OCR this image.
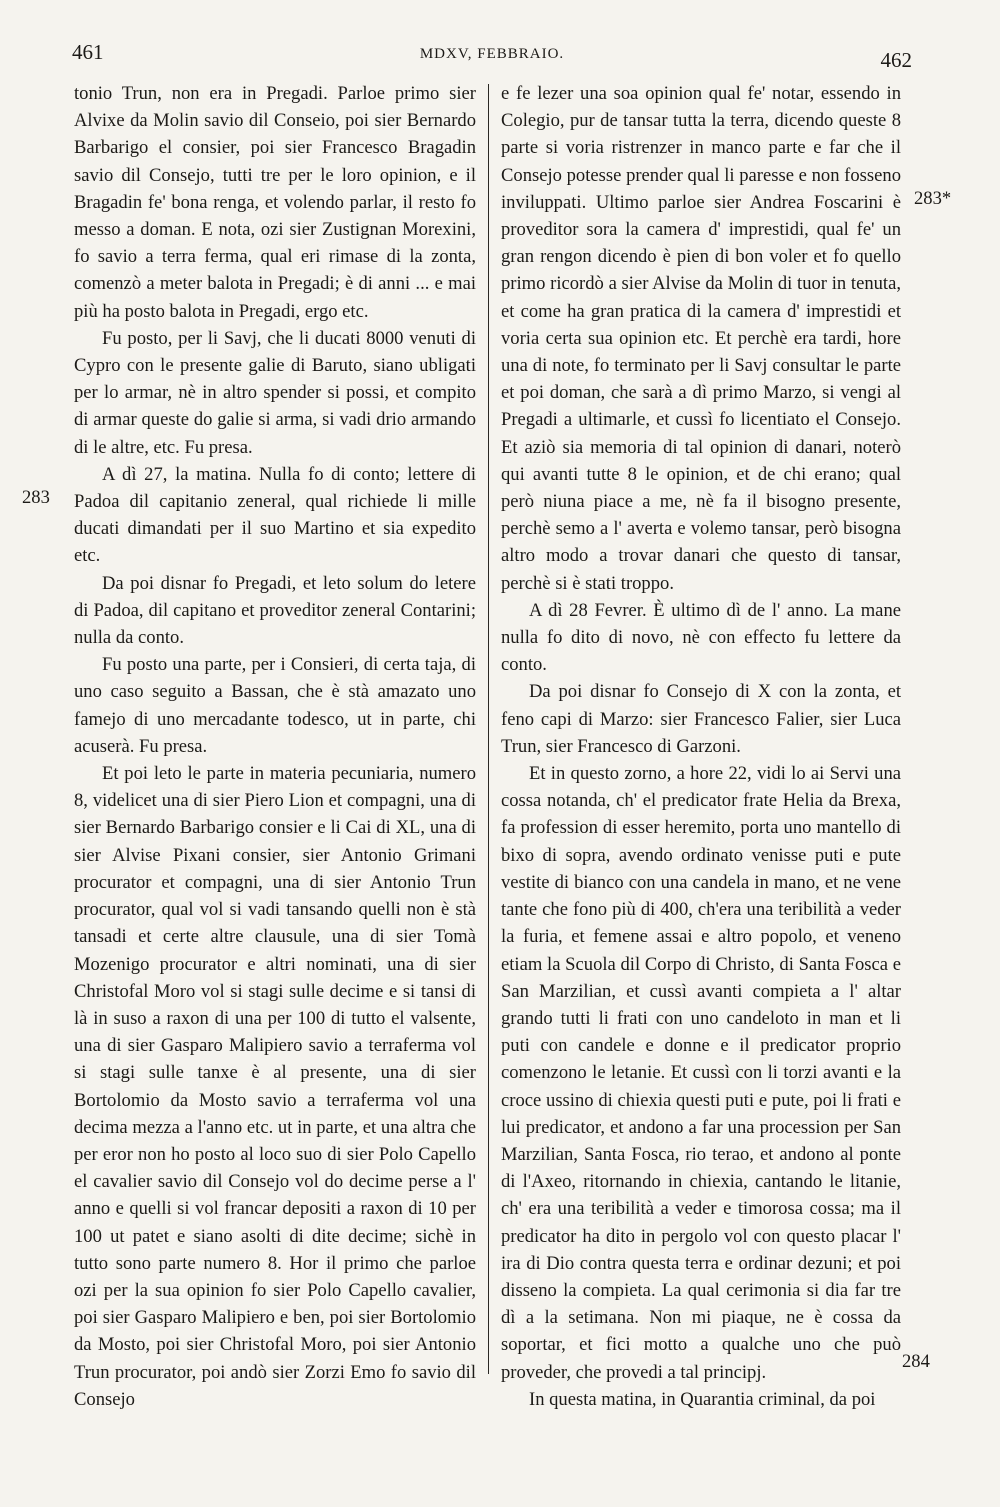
461	MDXV, FEBBRAIO.	462
283
283*
284

tonio Trun, non era in Pregadi. Parloe primo sier Alvixe da Molin savio dil Conseio, poi sier Bernardo Barbarigo el consier, poi sier Francesco Bragadin savio dil Consejo, tutti tre per le loro opinion, e il Bragadin fe' bona renga, et volendo parlar, il resto fo messo a doman. E nota, ozi sier Zustignan Morexini, fo savio a terra ferma, qual eri rimase di la zonta, comenzò a meter balota in Pregadi; è di anni ... e mai più ha posto balota in Pregadi, ergo etc.

Fu posto, per li Savj, che li ducati 8000 venuti di Cypro con le presente galie di Baruto, siano ubligati per lo armar, nè in altro spender si possi, et compito di armar queste do galie si arma, si vadi drio armando di le altre, etc. Fu presa.

A dì 27, la matina. Nulla fo di conto; lettere di Padoa dil capitanio zeneral, qual richiede li mille ducati dimandati per il suo Martino et sia expedito etc.

Da poi disnar fo Pregadi, et leto solum do letere di Padoa, dil capitano et proveditor zeneral Contarini; nulla da conto.

Fu posto una parte, per i Consieri, di certa taja, di uno caso seguito a Bassan, che è stà amazato uno famejo di uno mercadante todesco, ut in parte, chi acuserà. Fu presa.

Et poi leto le parte in materia pecuniaria, numero 8, videlicet una di sier Piero Lion et compagni, una di sier Bernardo Barbarigo consier e li Cai di XL, una di sier Alvise Pixani consier, sier Antonio Grimani procurator et compagni, una di sier Antonio Trun procurator, qual vol si vadi tansando quelli non è stà tansadi et certe altre clausule, una di sier Tomà Mozenigo procurator e altri nominati, una di sier Christofal Moro vol si stagi sulle decime e si tansi di là in suso a raxon di una per 100 di tutto el valsente, una di sier Gasparo Malipiero savio a terraferma vol si stagi sulle tanxe è al presente, una di sier Bortolomio da Mosto savio a terraferma vol una decima mezza a l'anno etc. ut in parte, et una altra che per eror non ho posto al loco suo di sier Polo Capello el cavalier savio dil Consejo vol do decime perse a l' anno e quelli si vol francar depositi a raxon di 10 per 100 ut patet e siano asolti di dite decime; sichè in tutto sono parte numero 8. Hor il primo che parloe ozi per la sua opinion fo sier Polo Capello cavalier, poi sier Gasparo Malipiero e ben, poi sier Bortolomio da Mosto, poi sier Christofal Moro, poi sier Antonio Trun procurator, poi andò sier Zorzi Emo fo savio dil Consejo

e fe lezer una soa opinion qual fe' notar, essendo in Colegio, pur de tansar tutta la terra, dicendo queste 8 parte si voria ristrenzer in manco parte e far che il Consejo potesse prender qual li paresse e non fosseno inviluppati. Ultimo parloe sier Andrea Foscarini è proveditor sora la camera d' imprestidi, qual fe' un gran rengon dicendo è pien di bon voler et fo quello primo ricordò a sier Alvise da Molin di tuor in tenuta, et come ha gran pratica di la camera d' imprestidi et voria certa sua opinion etc. Et perchè era tardi, hore una di note, fo terminato per li Savj consultar le parte et poi doman, che sarà a dì primo Marzo, si vengi al Pregadi a ultimarle, et cussì fo licentiato el Consejo. Et aziò sia memoria di tal opinion di danari, noterò qui avanti tutte 8 le opinion, et de chi erano; qual però niuna piace a me, nè fa il bisogno presente, perchè semo a l' averta e volemo tansar, però bisogna altro modo a trovar danari che questo di tansar, perchè si è stati troppo.

A dì 28 Fevrer. È ultimo dì de l' anno. La mane nulla fo dito di novo, nè con effecto fu lettere da conto.

Da poi disnar fo Consejo di X con la zonta, et feno capi di Marzo: sier Francesco Falier, sier Luca Trun, sier Francesco di Garzoni.

Et in questo zorno, a hore 22, vidi lo ai Servi una cossa notanda, ch' el predicator frate Helia da Brexa, fa profession di esser heremito, porta uno mantello di bixo di sopra, avendo ordinato venisse puti e pute vestite di bianco con una candela in mano, et ne vene tante che fono più di 400, ch'era una teribilità a veder la furia, et femene assai e altro popolo, et veneno etiam la Scuola dil Corpo di Christo, di Santa Fosca e San Marzilian, et cussì avanti compieta a l' altar grando tutti li frati con uno candeloto in man et li puti con candele e donne e il predicator proprio comenzono le letanie. Et cussì con li torzi avanti e la croce ussino di chiexia questi puti e pute, poi li frati e lui predicator, et andono a far una procession per San Marzilian, Santa Fosca, rio terao, et andono al ponte di l'Axeo, ritornando in chiexia, cantando le litanie, ch' era una teribilità a veder e timorosa cossa; ma il predicator ha dito in pergolo vol con questo placar l' ira di Dio contra questa terra e ordinar dezuni; et poi disseno la compieta. La qual cerimonia si dia far tre dì a la setimana. Non mi piaque, ne è cossa da soportar, et fici motto a qualche uno che può proveder, che provedi a tal principj.

In questa matina, in Quarantia criminal, da poi
